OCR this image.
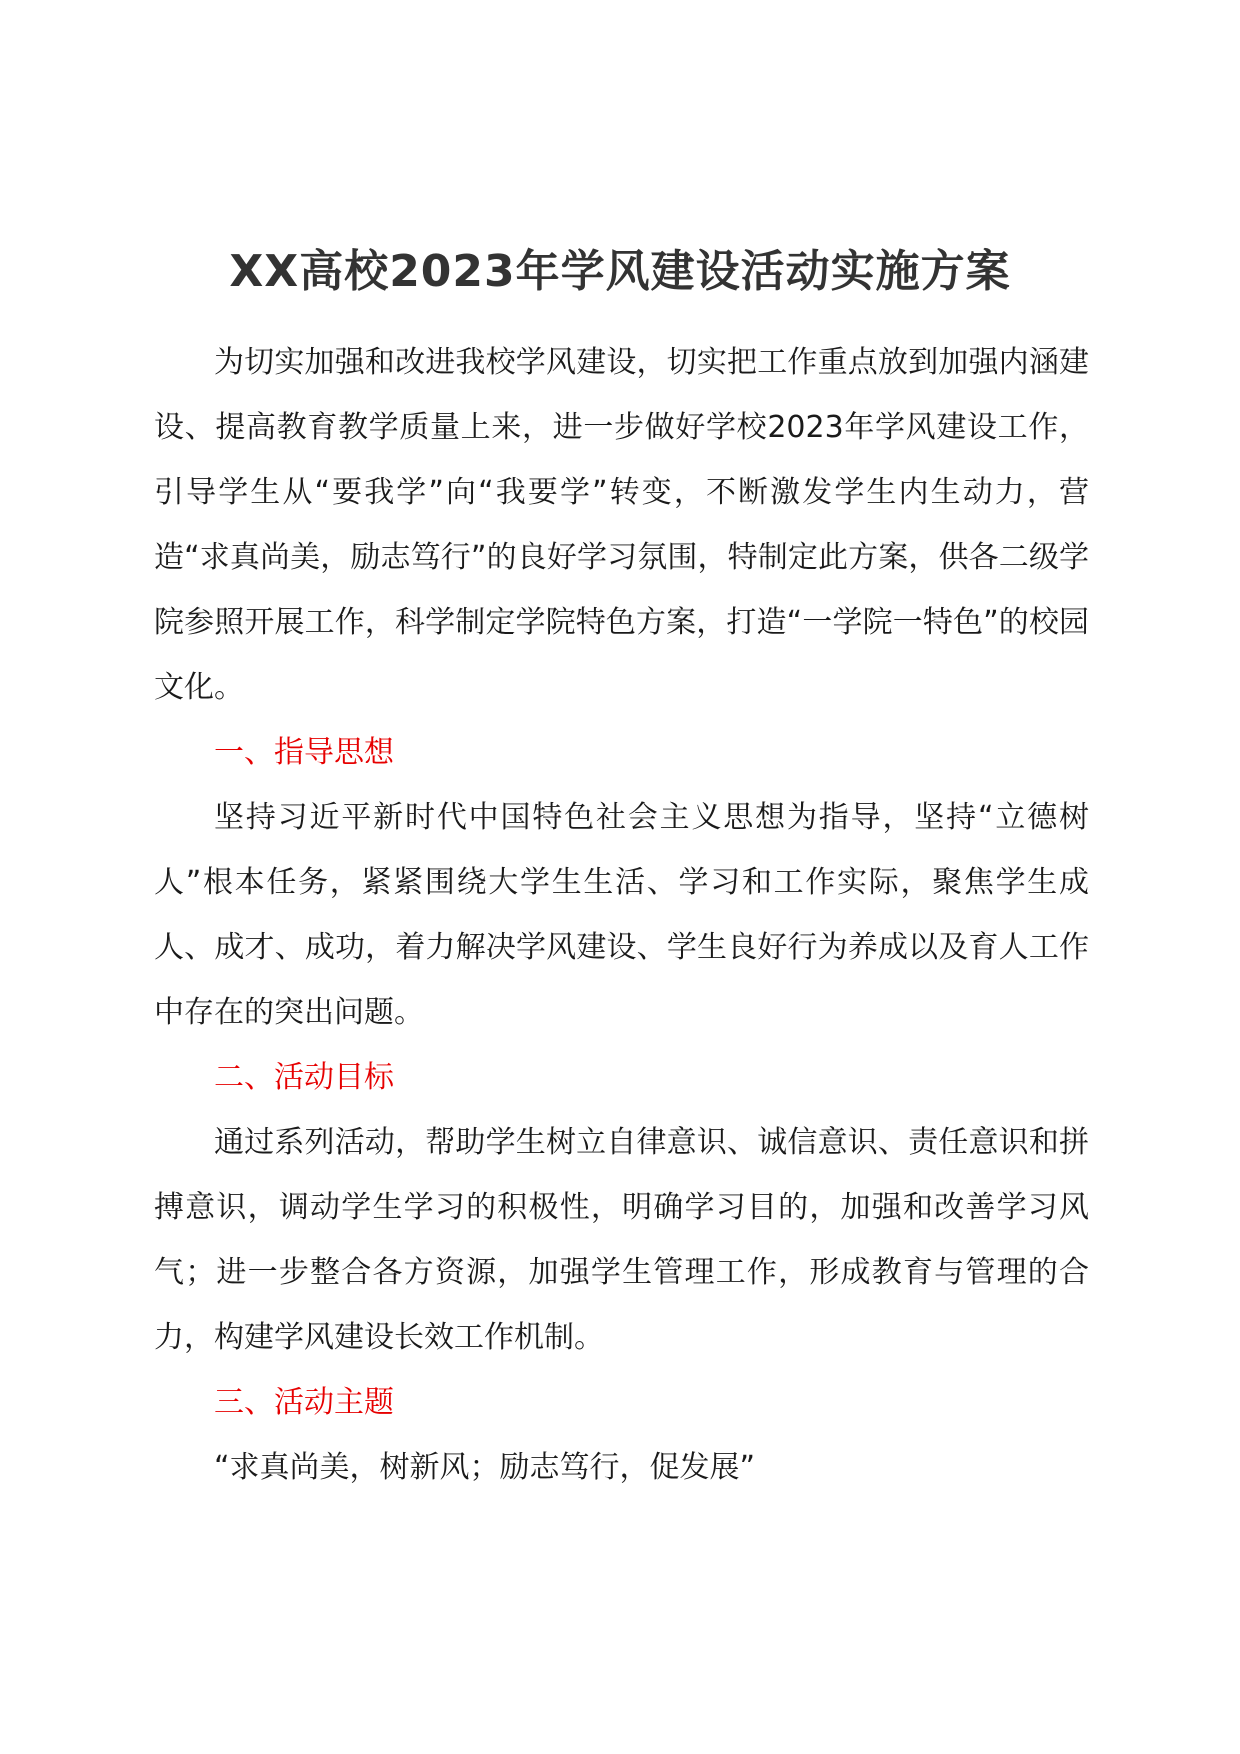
XX高校2023年学风建设活动实施方案

为切实加强和改进我校学风建设，切实把工作重点放到加强内涵建设、提高教育教学质量上来，进一步做好学校2023年学风建设工作，引导学生从“要我学”向“我要学”转变，不断激发学生内生动力，营造“求真尚美，励志笃行”的良好学习氛围，特制定此方案，供各二级学院参照开展工作，科学制定学院特色方案，打造“一学院一特色”的校园文化。

一、指导思想

坚持习近平新时代中国特色社会主义思想为指导，坚持“立德树人”根本任务，紧紧围绕大学生生活、学习和工作实际，聚焦学生成人、成才、成功，着力解决学风建设、学生良好行为养成以及育人工作中存在的突出问题。

二、活动目标

通过系列活动，帮助学生树立自律意识、诚信意识、责任意识和拼搏意识，调动学生学习的积极性，明确学习目的，加强和改善学习风气；进一步整合各方资源，加强学生管理工作，形成教育与管理的合力，构建学风建设长效工作机制。

三、活动主题

“求真尚美，树新风；励志笃行，促发展”
